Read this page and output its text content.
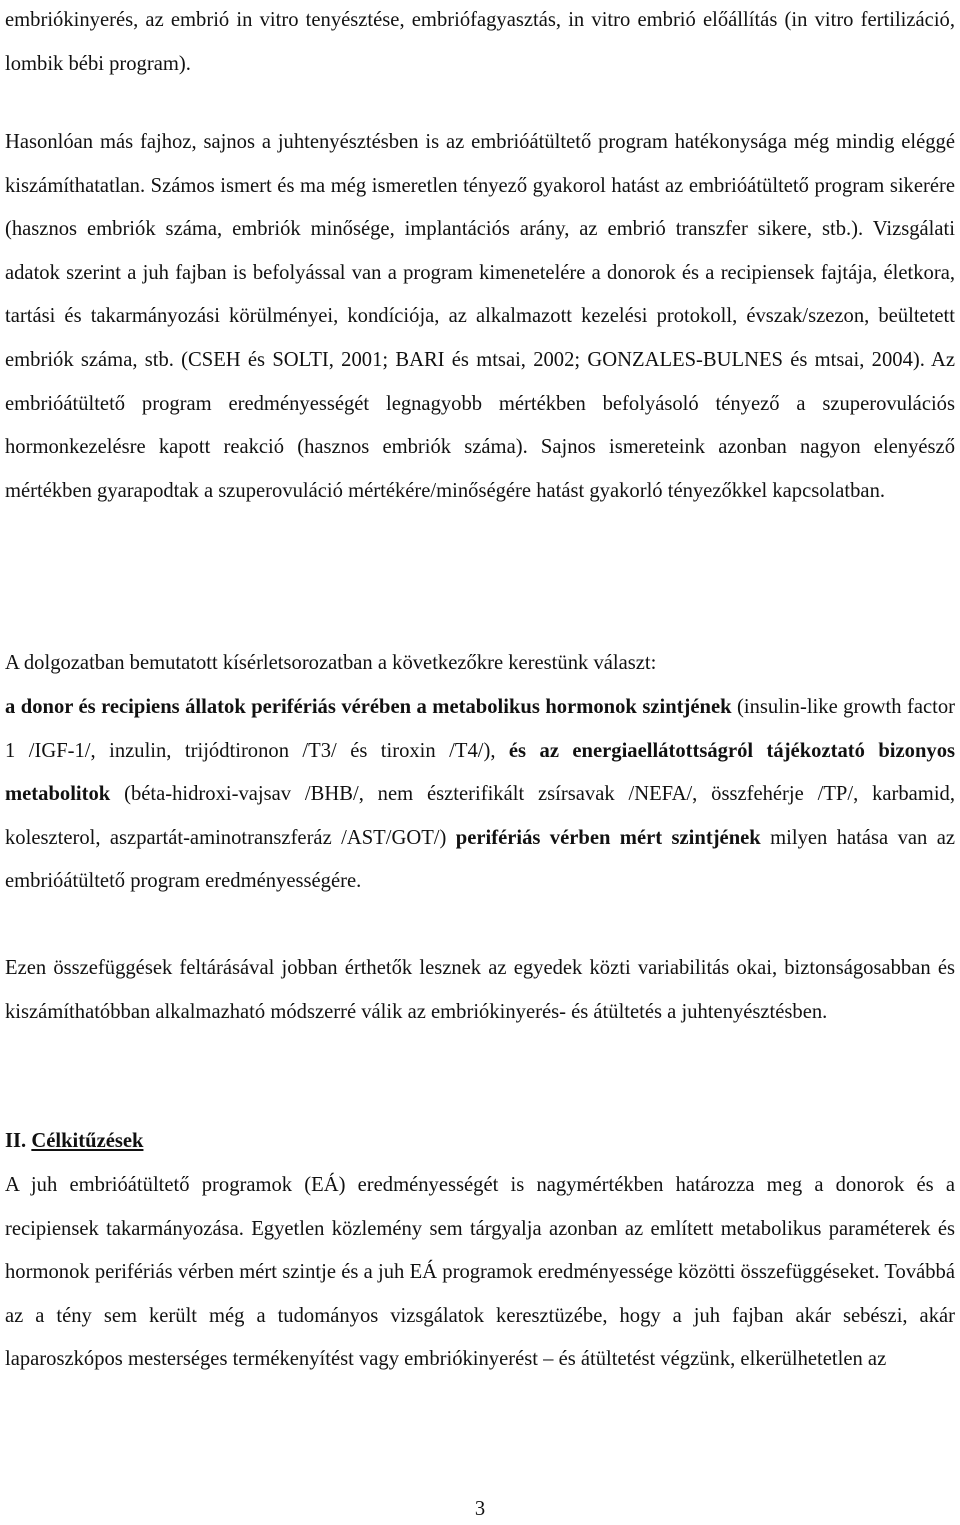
embriókinyerés, az embrió in vitro tenyésztése, embriófagyasztás, in vitro embrió előállítás (in vitro fertilizáció, lombik bébi program).

Hasonlóan más fajhoz, sajnos a juhtenyésztésben is az embrióátültető program hatékonysága még mindig eléggé kiszámíthatatlan. Számos ismert és ma még ismeretlen tényező gyakorol hatást az embrióátültető program sikerére (hasznos embriók száma, embriók minősége, implantációs arány, az embrió transzfer sikere, stb.). Vizsgálati adatok szerint a juh fajban is befolyással van a program kimenetelére a donorok és a recipiensek fajtája, életkora, tartási és takarmányozási körülményei, kondíciója, az alkalmazott kezelési protokoll, évszak/szezon, beültetett embriók száma, stb. (CSEH és SOLTI, 2001; BARI és mtsai, 2002; GONZALES-BULNES és mtsai, 2004). Az embrióátültető program eredményességét legnagyobb mértékben befolyásoló tényező a szuperovulációs hormonkezelésre kapott reakció (hasznos embriók száma). Sajnos ismereteink azonban nagyon elenyésző mértékben gyarapodtak a szuperovuláció mértékére/minőségére hatást gyakorló tényezőkkel kapcsolatban.

A dolgozatban bemutatott kísérletsorozatban a következőkre kerestünk választ:

a donor és recipiens állatok perifériás vérében a metabolikus hormonok szintjének (insulin-like growth factor 1 /IGF-1/, inzulin, trijódtironon /T3/ és tiroxin /T4/), és az energiaellátottságról tájékoztató bizonyos metabolitok (béta-hidroxi-vajsav /BHB/, nem észterifikált zsírsavak /NEFA/, összfehérje /TP/, karbamid, koleszterol, aszpartát-aminotranszferáz /AST/GOT/) perifériás vérben mért szintjének milyen hatása van az embrióátültető program eredményességére.

Ezen összefüggések feltárásával jobban érthetők lesznek az egyedek közti variabilitás okai, biztonságosabban és kiszámíthatóbban alkalmazható módszerré válik az embriókinyerés- és átültetés a juhtenyésztésben.

II. Célkitűzések

A juh embrióátültető programok (EÁ) eredményességét is nagymértékben határozza meg a donorok és a recipiensek takarmányozása. Egyetlen közlemény sem tárgyalja azonban az említett metabolikus paraméterek és hormonok perifériás vérben mért szintje és a juh EÁ programok eredményessége közötti összefüggéseket. Továbbá az a tény sem került még a tudományos vizsgálatok keresztüzébe, hogy a juh fajban akár sebészi, akár laparoszkópos mesterséges termékenyítést vagy embriókinyerést – és átültetést végzünk, elkerülhetetlen az

3
